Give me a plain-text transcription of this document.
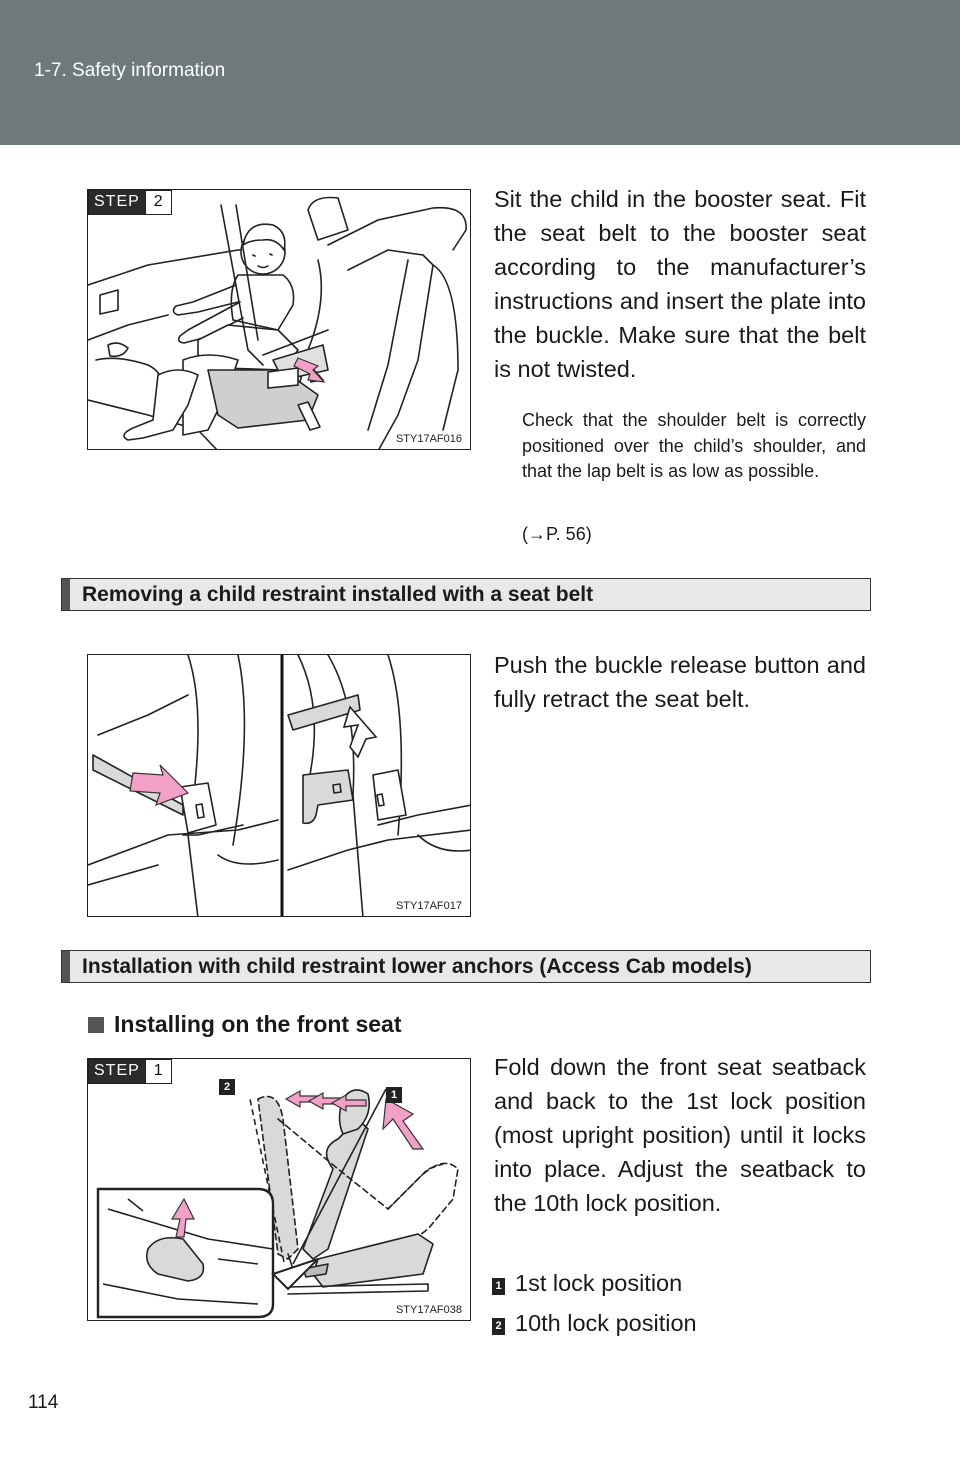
1-7. Safety information
STEP 2
STY17AF016
Sit the child in the booster seat. Fit the seat belt to the booster seat according to the manufacturer’s instructions and insert the plate into the buckle. Make sure that the belt is not twisted.
Check that the shoulder belt is correctly positioned over the child’s shoulder, and that the lap belt is as low as possible.
(→P. 56)
Removing a child restraint installed with a seat belt
STY17AF017
Push the buckle release button and fully retract the seat belt.
Installation with child restraint lower anchors (Access Cab models)
Installing on the front seat
STEP 1
2
1
STY17AF038
Fold down the front seat seatback and back to the 1st lock position (most upright position) until it locks into place. Adjust the seatback to the 10th lock position.
1 1st lock position
2 10th lock position
114
